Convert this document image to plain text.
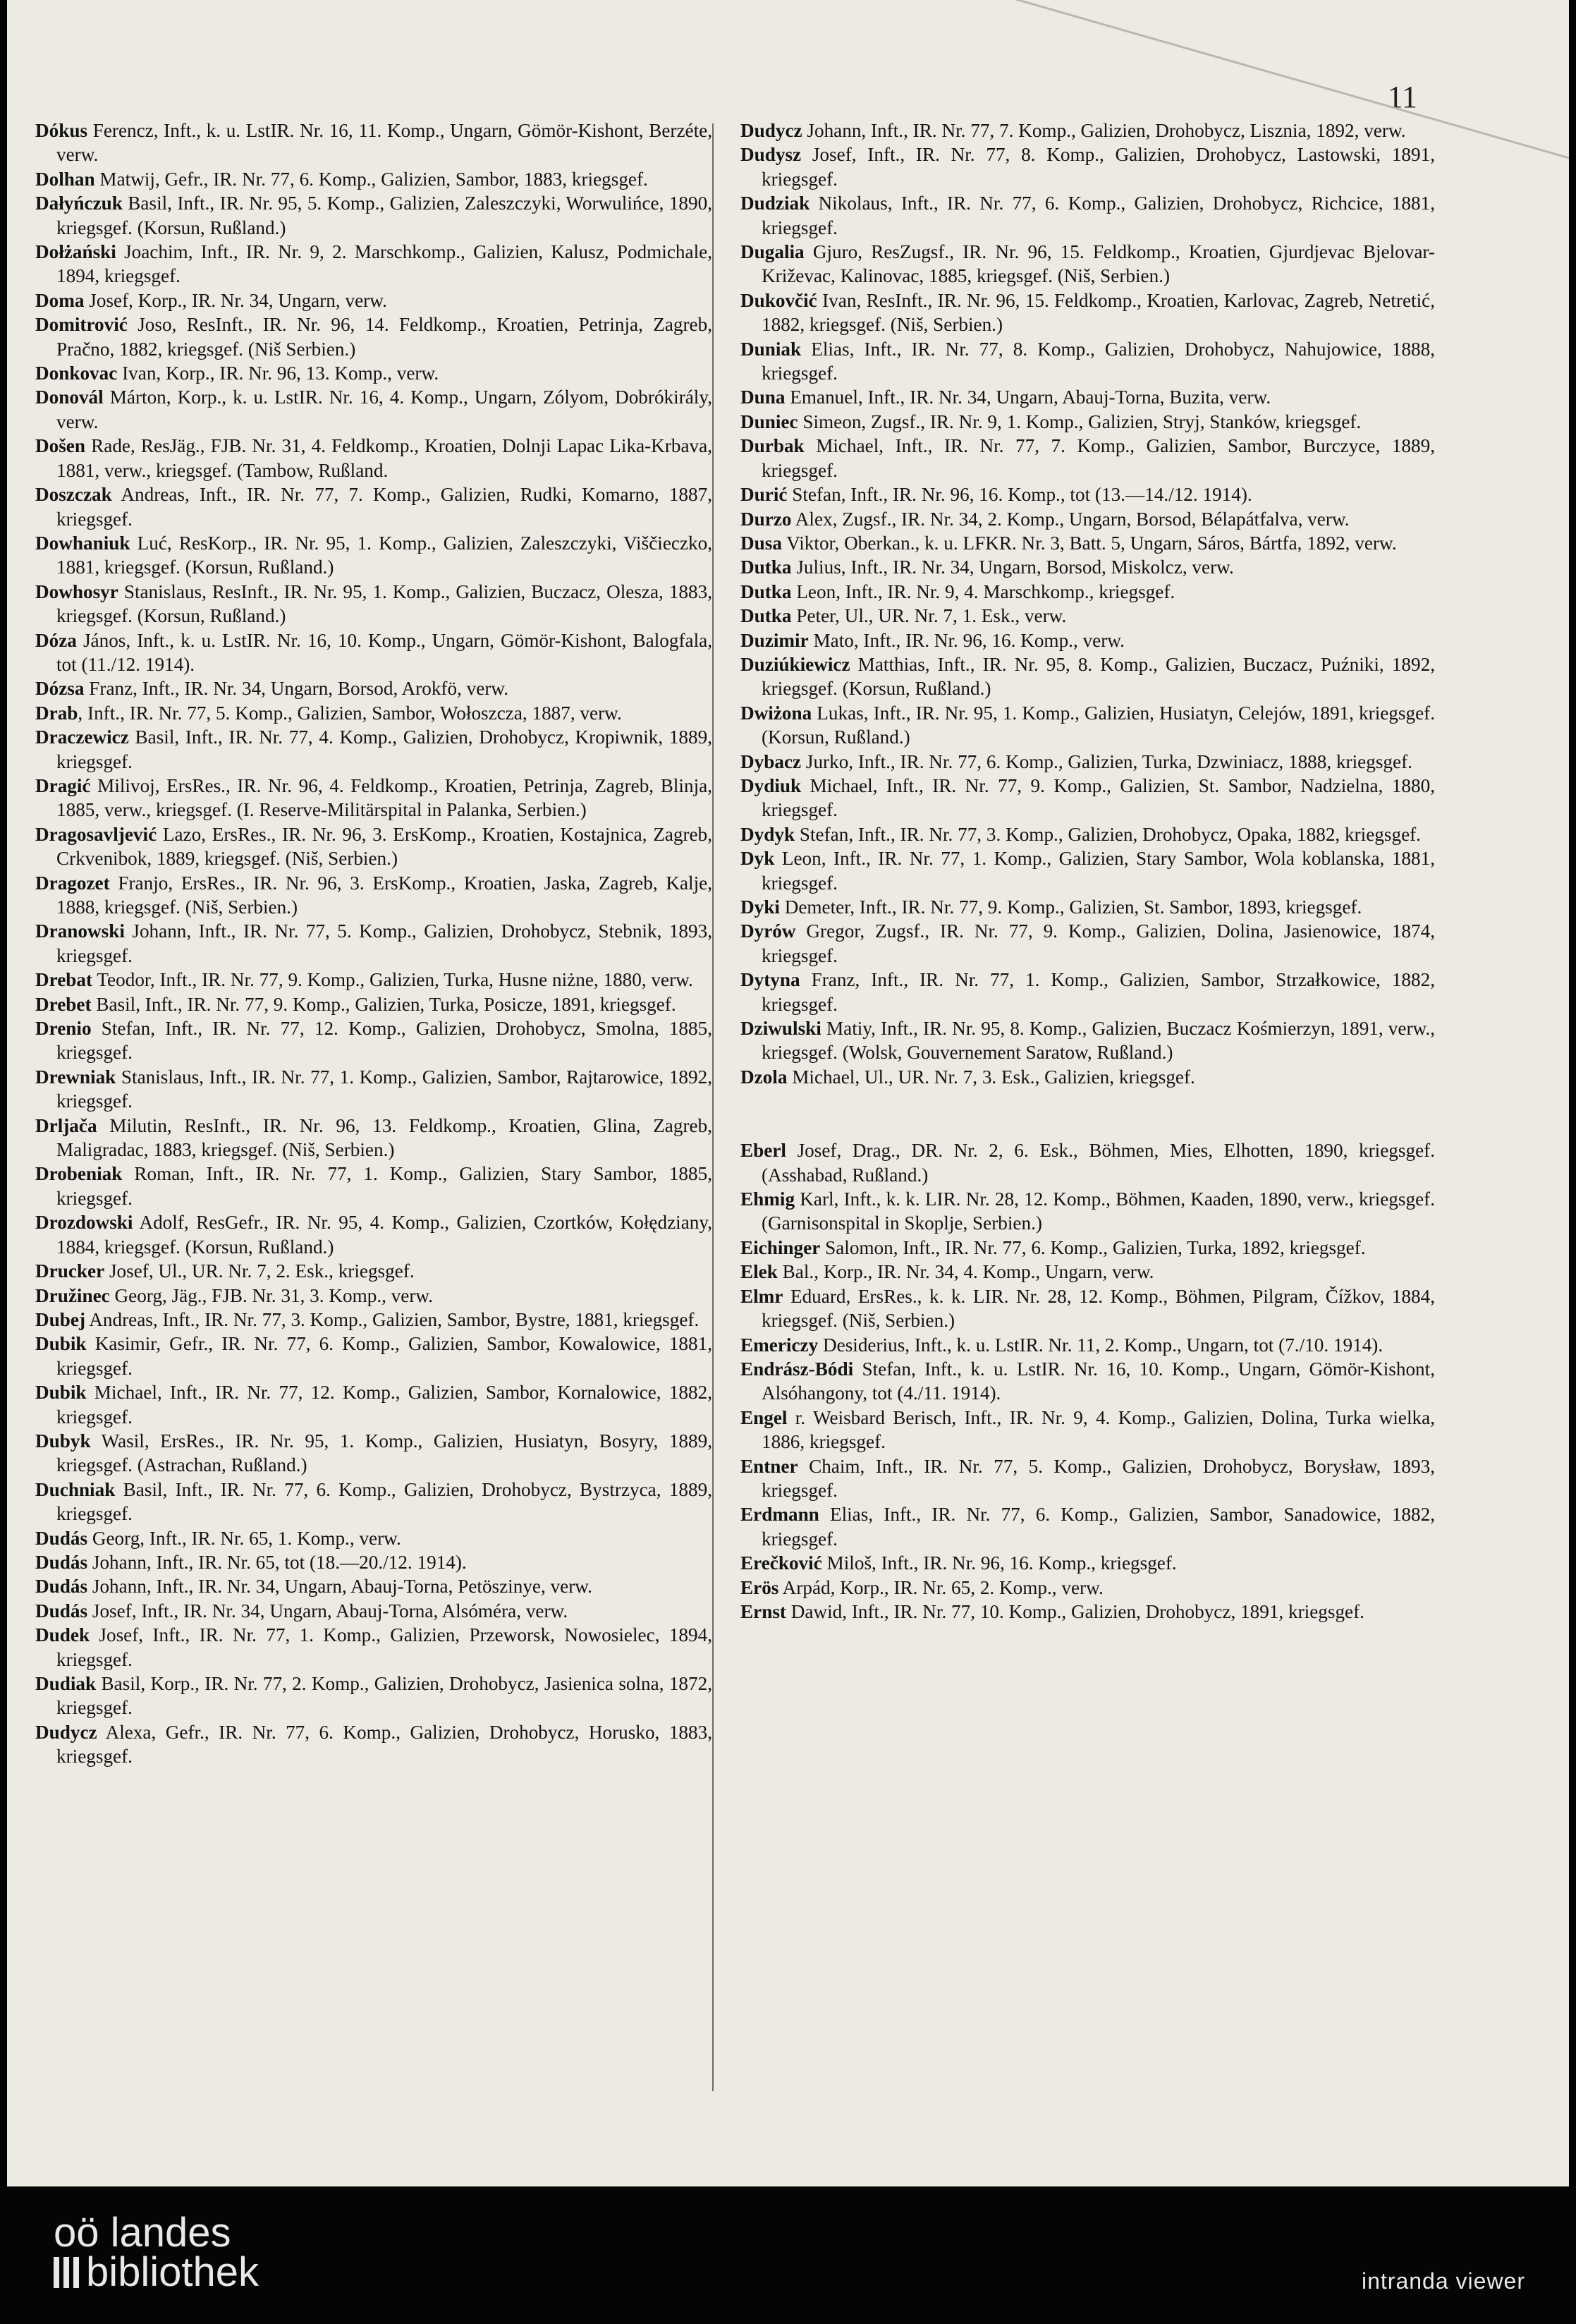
11
Dókus Ferencz, Inft., k. u. LstIR. Nr. 16, 11. Komp., Ungarn, Gömör-Kishont, Berzéte, verw.
Dolhan Matwij, Gefr., IR. Nr. 77, 6. Komp., Galizien, Sambor, 1883, kriegsgef.
Dałyńczuk Basil, Inft., IR. Nr. 95, 5. Komp., Galizien, Zaleszczyki, Worwulińce, 1890, kriegsgef. (Korsun, Rußland.)
Dołżański Joachim, Inft., IR. Nr. 9, 2. Marschkomp., Galizien, Kalusz, Podmichale, 1894, kriegsgef.
Doma Josef, Korp., IR. Nr. 34, Ungarn, verw.
Domitrović Joso, ResInft., IR. Nr. 96, 14. Feldkomp., Kroatien, Petrinja, Zagreb, Pračno, 1882, kriegsgef. (Niš Serbien.)
Donkovac Ivan, Korp., IR. Nr. 96, 13. Komp., verw.
Donovál Márton, Korp., k. u. LstIR. Nr. 16, 4. Komp., Ungarn, Zólyom, Dobrókirály, verw.
Došen Rade, ResJäg., FJB. Nr. 31, 4. Feldkomp., Kroatien, Dolnji Lapac Lika-Krbava, 1881, verw., kriegsgef. (Tambow, Rußland.
Doszczak Andreas, Inft., IR. Nr. 77, 7. Komp., Galizien, Rudki, Komarno, 1887, kriegsgef.
Dowhaniuk Luć, ResKorp., IR. Nr. 95, 1. Komp., Galizien, Zaleszczyki, Viščieczko, 1881, kriegsgef. (Korsun, Rußland.)
Dowhosyr Stanislaus, ResInft., IR. Nr. 95, 1. Komp., Galizien, Buczacz, Olesza, 1883, kriegsgef. (Korsun, Rußland.)
Dóza János, Inft., k. u. LstIR. Nr. 16, 10. Komp., Ungarn, Gömör-Kishont, Balogfala, tot (11./12. 1914).
Dózsa Franz, Inft., IR. Nr. 34, Ungarn, Borsod, Arokfö, verw.
Drab, Inft., IR. Nr. 77, 5. Komp., Galizien, Sambor, Wołoszcza, 1887, verw.
Draczewicz Basil, Inft., IR. Nr. 77, 4. Komp., Galizien, Drohobycz, Kropiwnik, 1889, kriegsgef.
Dragić Milivoj, ErsRes., IR. Nr. 96, 4. Feldkomp., Kroatien, Petrinja, Zagreb, Blinja, 1885, verw., kriegsgef. (I. Reserve-Militärspital in Palanka, Serbien.)
Dragosavljević Lazo, ErsRes., IR. Nr. 96, 3. ErsKomp., Kroatien, Kostajnica, Zagreb, Crkvenibok, 1889, kriegsgef. (Niš, Serbien.)
Dragozet Franjo, ErsRes., IR. Nr. 96, 3. ErsKomp., Kroatien, Jaska, Zagreb, Kalje, 1888, kriegsgef. (Niš, Serbien.)
Dranowski Johann, Inft., IR. Nr. 77, 5. Komp., Galizien, Drohobycz, Stebnik, 1893, kriegsgef.
Drebat Teodor, Inft., IR. Nr. 77, 9. Komp., Galizien, Turka, Husne niżne, 1880, verw.
Drebet Basil, Inft., IR. Nr. 77, 9. Komp., Galizien, Turka, Posicze, 1891, kriegsgef.
Drenio Stefan, Inft., IR. Nr. 77, 12. Komp., Galizien, Drohobycz, Smolna, 1885, kriegsgef.
Drewniak Stanislaus, Inft., IR. Nr. 77, 1. Komp., Galizien, Sambor, Rajtarowice, 1892, kriegsgef.
Drljača Milutin, ResInft., IR. Nr. 96, 13. Feldkomp., Kroatien, Glina, Zagreb, Maligradac, 1883, kriegsgef. (Niš, Serbien.)
Drobeniak Roman, Inft., IR. Nr. 77, 1. Komp., Galizien, Stary Sambor, 1885, kriegsgef.
Drozdowski Adolf, ResGefr., IR. Nr. 95, 4. Komp., Galizien, Czortków, Kołędziany, 1884, kriegsgef. (Korsun, Rußland.)
Drucker Josef, Ul., UR. Nr. 7, 2. Esk., kriegsgef.
Družinec Georg, Jäg., FJB. Nr. 31, 3. Komp., verw.
Dubej Andreas, Inft., IR. Nr. 77, 3. Komp., Galizien, Sambor, Bystre, 1881, kriegsgef.
Dubik Kasimir, Gefr., IR. Nr. 77, 6. Komp., Galizien, Sambor, Kowalowice, 1881, kriegsgef.
Dubik Michael, Inft., IR. Nr. 77, 12. Komp., Galizien, Sambor, Kornalowice, 1882, kriegsgef.
Dubyk Wasil, ErsRes., IR. Nr. 95, 1. Komp., Galizien, Husiatyn, Bosyry, 1889, kriegsgef. (Astrachan, Rußland.)
Duchniak Basil, Inft., IR. Nr. 77, 6. Komp., Galizien, Drohobycz, Bystrzyca, 1889, kriegsgef.
Dudás Georg, Inft., IR. Nr. 65, 1. Komp., verw.
Dudás Johann, Inft., IR. Nr. 65, tot (18.—20./12. 1914).
Dudás Johann, Inft., IR. Nr. 34, Ungarn, Abauj-Torna, Petöszinye, verw.
Dudás Josef, Inft., IR. Nr. 34, Ungarn, Abauj-Torna, Alsóméra, verw.
Dudek Josef, Inft., IR. Nr. 77, 1. Komp., Galizien, Przeworsk, Nowosielec, 1894, kriegsgef.
Dudiak Basil, Korp., IR. Nr. 77, 2. Komp., Galizien, Drohobycz, Jasienica solna, 1872, kriegsgef.
Dudycz Alexa, Gefr., IR. Nr. 77, 6. Komp., Galizien, Drohobycz, Horusko, 1883, kriegsgef.
Dudycz Johann, Inft., IR. Nr. 77, 7. Komp., Galizien, Drohobycz, Lisznia, 1892, verw.
Dudysz Josef, Inft., IR. Nr. 77, 8. Komp., Galizien, Drohobycz, Lastowski, 1891, kriegsgef.
Dudziak Nikolaus, Inft., IR. Nr. 77, 6. Komp., Galizien, Drohobycz, Richcice, 1881, kriegsgef.
Dugalia Gjuro, ResZugsf., IR. Nr. 96, 15. Feldkomp., Kroatien, Gjurdjevac Bjelovar-Križevac, Kalinovac, 1885, kriegsgef. (Niš, Serbien.)
Dukovčić Ivan, ResInft., IR. Nr. 96, 15. Feldkomp., Kroatien, Karlovac, Zagreb, Netretić, 1882, kriegsgef. (Niš, Serbien.)
Duniak Elias, Inft., IR. Nr. 77, 8. Komp., Galizien, Drohobycz, Nahujowice, 1888, kriegsgef.
Duna Emanuel, Inft., IR. Nr. 34, Ungarn, Abauj-Torna, Buzita, verw.
Duniec Simeon, Zugsf., IR. Nr. 9, 1. Komp., Galizien, Stryj, Stanków, kriegsgef.
Durbak Michael, Inft., IR. Nr. 77, 7. Komp., Galizien, Sambor, Burczyce, 1889, kriegsgef.
Durić Stefan, Inft., IR. Nr. 96, 16. Komp., tot (13.—14./12. 1914).
Durzo Alex, Zugsf., IR. Nr. 34, 2. Komp., Ungarn, Borsod, Bélapátfalva, verw.
Dusa Viktor, Oberkan., k. u. LFKR. Nr. 3, Batt. 5, Ungarn, Sáros, Bártfa, 1892, verw.
Dutka Julius, Inft., IR. Nr. 34, Ungarn, Borsod, Miskolcz, verw.
Dutka Leon, Inft., IR. Nr. 9, 4. Marschkomp., kriegsgef.
Dutka Peter, Ul., UR. Nr. 7, 1. Esk., verw.
Duzimir Mato, Inft., IR. Nr. 96, 16. Komp., verw.
Duziúkiewicz Matthias, Inft., IR. Nr. 95, 8. Komp., Galizien, Buczacz, Puźniki, 1892, kriegsgef. (Korsun, Rußland.)
Dwiżona Lukas, Inft., IR. Nr. 95, 1. Komp., Galizien, Husiatyn, Celejów, 1891, kriegsgef. (Korsun, Rußland.)
Dybacz Jurko, Inft., IR. Nr. 77, 6. Komp., Galizien, Turka, Dzwiniacz, 1888, kriegsgef.
Dydiuk Michael, Inft., IR. Nr. 77, 9. Komp., Galizien, St. Sambor, Nadzielna, 1880, kriegsgef.
Dydyk Stefan, Inft., IR. Nr. 77, 3. Komp., Galizien, Drohobycz, Opaka, 1882, kriegsgef.
Dyk Leon, Inft., IR. Nr. 77, 1. Komp., Galizien, Stary Sambor, Wola koblanska, 1881, kriegsgef.
Dyki Demeter, Inft., IR. Nr. 77, 9. Komp., Galizien, St. Sambor, 1893, kriegsgef.
Dyrów Gregor, Zugsf., IR. Nr. 77, 9. Komp., Galizien, Dolina, Jasienowice, 1874, kriegsgef.
Dytyna Franz, Inft., IR. Nr. 77, 1. Komp., Galizien, Sambor, Strzałkowice, 1882, kriegsgef.
Dziwulski Matiy, Inft., IR. Nr. 95, 8. Komp., Galizien, Buczacz Kośmierzyn, 1891, verw., kriegsgef. (Wolsk, Gouvernement Saratow, Rußland.)
Dzola Michael, Ul., UR. Nr. 7, 3. Esk., Galizien, kriegsgef.
Eberl Josef, Drag., DR. Nr. 2, 6. Esk., Böhmen, Mies, Elhotten, 1890, kriegsgef. (Asshabad, Rußland.)
Ehmig Karl, Inft., k. k. LIR. Nr. 28, 12. Komp., Böhmen, Kaaden, 1890, verw., kriegsgef. (Garnisonspital in Skoplje, Serbien.)
Eichinger Salomon, Inft., IR. Nr. 77, 6. Komp., Galizien, Turka, 1892, kriegsgef.
Elek Bal., Korp., IR. Nr. 34, 4. Komp., Ungarn, verw.
Elmr Eduard, ErsRes., k. k. LIR. Nr. 28, 12. Komp., Böhmen, Pilgram, Čížkov, 1884, kriegsgef. (Niš, Serbien.)
Emericzy Desiderius, Inft., k. u. LstIR. Nr. 11, 2. Komp., Ungarn, tot (7./10. 1914).
Endrász-Bódi Stefan, Inft., k. u. LstIR. Nr. 16, 10. Komp., Ungarn, Gömör-Kishont, Alsóhangony, tot (4./11. 1914).
Engel r. Weisbard Berisch, Inft., IR. Nr. 9, 4. Komp., Galizien, Dolina, Turka wielka, 1886, kriegsgef.
Entner Chaim, Inft., IR. Nr. 77, 5. Komp., Galizien, Drohobycz, Borysław, 1893, kriegsgef.
Erdmann Elias, Inft., IR. Nr. 77, 6. Komp., Galizien, Sambor, Sanadowice, 1882, kriegsgef.
Erečković Miloš, Inft., IR. Nr. 96, 16. Komp., kriegsgef.
Erös Arpád, Korp., IR. Nr. 65, 2. Komp., verw.
Ernst Dawid, Inft., IR. Nr. 77, 10. Komp., Galizien, Drohobycz, 1891, kriegsgef.
oö landes
bibliothek	intranda viewer
